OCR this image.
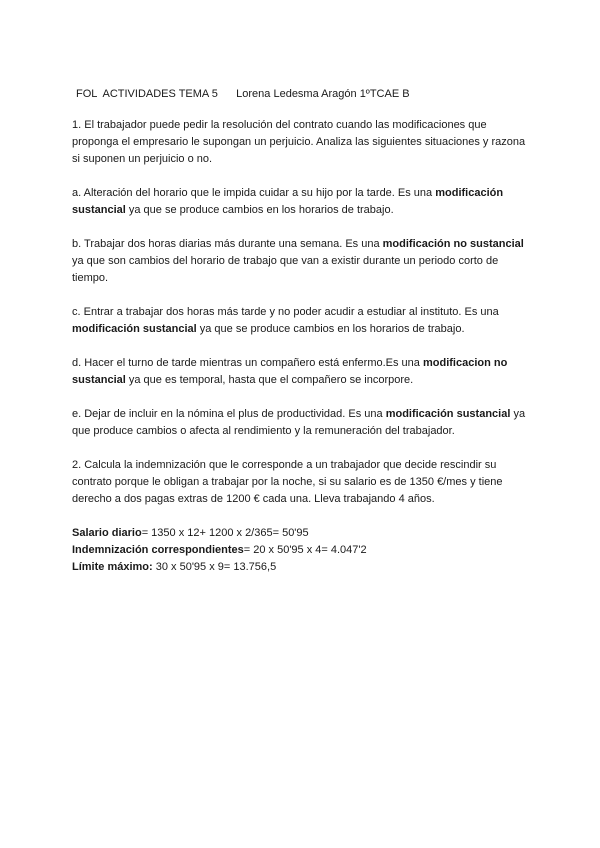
FOL  ACTIVIDADES TEMA 5      Lorena Ledesma Aragón 1ºTCAE B

1. El trabajador puede pedir la resolución del contrato cuando las modificaciones que proponga el empresario le supongan un perjuicio. Analiza las siguientes situaciones y razona si suponen un perjuicio o no.

a. Alteración del horario que le impida cuidar a su hijo por la tarde. Es una modificación sustancial ya que se produce cambios en los horarios de trabajo.

b. Trabajar dos horas diarias más durante una semana. Es una modificación no sustancial ya que son cambios del horario de trabajo que van a existir durante un periodo corto de tiempo.

c. Entrar a trabajar dos horas más tarde y no poder acudir a estudiar al instituto. Es una modificación sustancial ya que se produce cambios en los horarios de trabajo.

d. Hacer el turno de tarde mientras un compañero está enfermo.Es una modificacion no sustancial ya que es temporal, hasta que el compañero se incorpore.

e. Dejar de incluir en la nómina el plus de productividad. Es una modificación sustancial ya que produce cambios o afecta al rendimiento y la remuneración del trabajador.

2. Calcula la indemnización que le corresponde a un trabajador que decide rescindir su contrato porque le obligan a trabajar por la noche, si su salario es de 1350 €/mes y tiene derecho a dos pagas extras de 1200 € cada una. Lleva trabajando 4 años.

Salario diario= 1350 x 12+ 1200 x 2/365= 50'95

Indemnización correspondientes= 20 x 50'95 x 4= 4.047'2

Límite máximo: 30 x 50'95 x 9= 13.756,5
